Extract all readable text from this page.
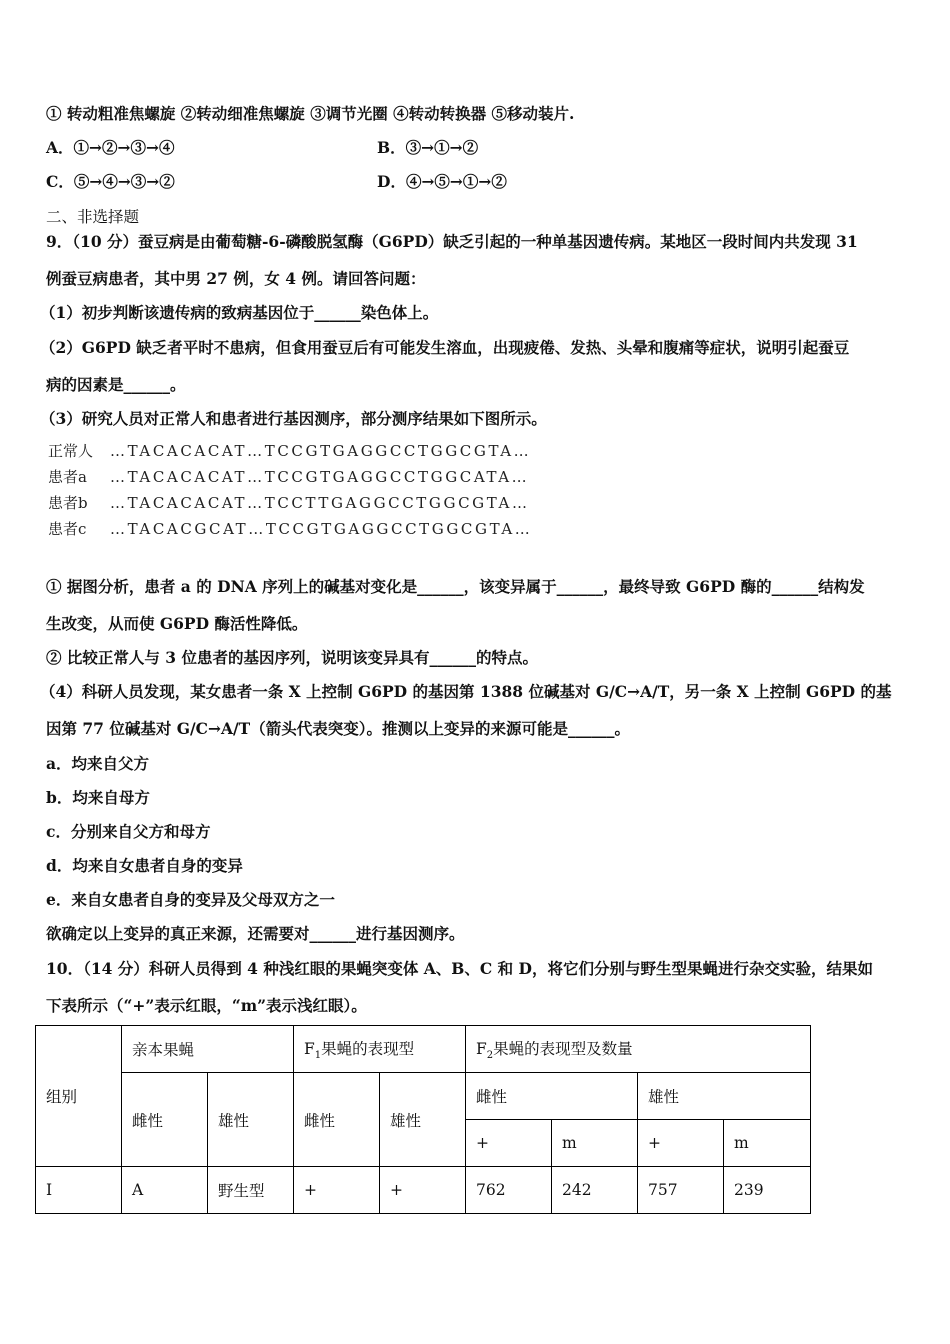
① 转动粗准焦螺旋 ②转动细准焦螺旋 ③调节光圈 ④转动转换器 ⑤移动装片.
A．①→②→③→④	B．③→①→②
C．⑤→④→③→②	D．④→⑤→①→②
二、非选择题
9．（10 分）蚕豆病是由葡萄糖-6-磷酸脱氢酶（G6PD）缺乏引起的一种单基因遗传病。某地区一段时间内共发现 31
例蚕豆病患者，其中男 27 例，女 4 例。请回答问题：
（1）初步判断该遗传病的致病基因位于______染色体上。
（2）G6PD 缺乏者平时不患病，但食用蚕豆后有可能发生溶血，出现疲倦、发热、头晕和腹痛等症状，说明引起蚕豆
病的因素是______。
（3）研究人员对正常人和患者进行基因测序，部分测序结果如下图所示。
正常人 …TACACACAT…TCCGTGAGGCCTGGCGTA…
患者a …TACACACAT…TCCGTGAGGCCTGGCATA…
患者b …TACACACAT…TCCTTGAGGCCTGGCGTA…
患者c …TACACGCAT…TCCGTGAGGCCTGGCGTA…
① 据图分析，患者 a 的 DNA 序列上的碱基对变化是______，该变异属于______，最终导致 G6PD 酶的______结构发
生改变，从而使 G6PD 酶活性降低。
② 比较正常人与 3 位患者的基因序列，说明该变异具有______的特点。
（4）科研人员发现，某女患者一条 X 上控制 G6PD 的基因第 1388 位碱基对 G/C→A/T，另一条 X 上控制 G6PD 的基
因第 77 位碱基对 G/C→A/T（箭头代表突变）。推测以上变异的来源可能是______。
a．均来自父方
b．均来自母方
c．分别来自父方和母方
d．均来自女患者自身的变异
e．来自女患者自身的变异及父母双方之一
欲确定以上变异的真正来源，还需要对______进行基因测序。
10．（14 分）科研人员得到 4 种浅红眼的果蝇突变体 A、B、C 和 D，将它们分别与野生型果蝇进行杂交实验，结果如
下表所示（“+”表示红眼，“m”表示浅红眼）。
组别	亲本果蝇		$F_1$果蝇的表现型		$F_2$果蝇的表现型及数量			
	雌性	雄性	雌性	雄性	雌性		雄性	
					+	m	+	m
I	A	野生型	+	+	762	242	757	239
